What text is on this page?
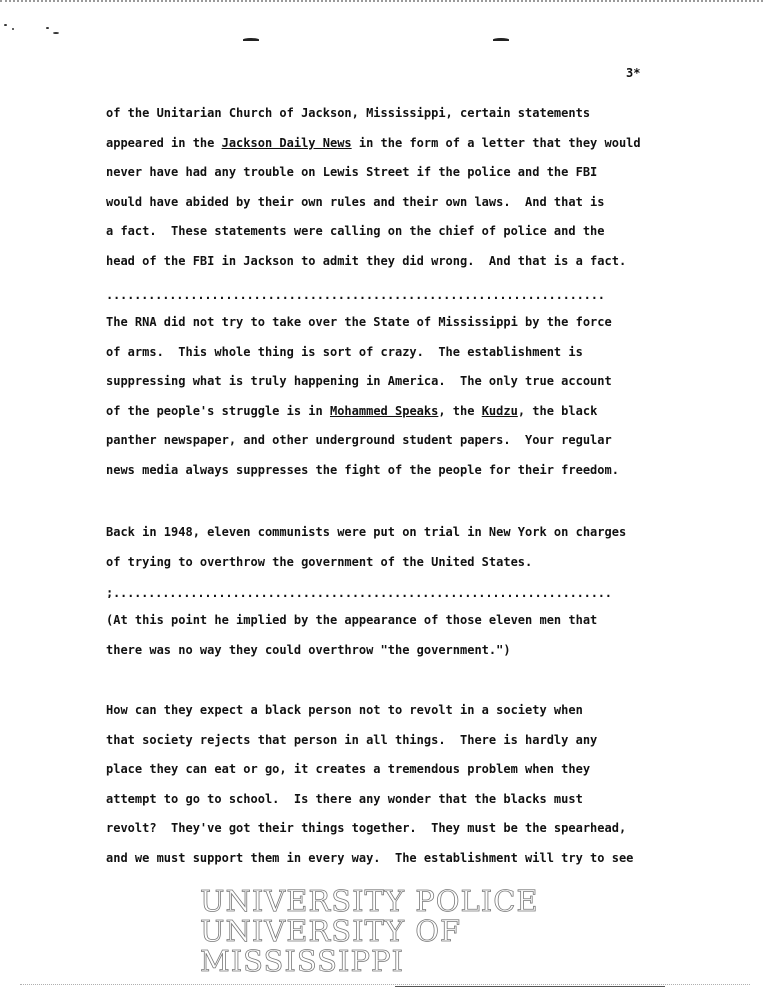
3*
of the Unitarian Church of Jackson, Mississippi, certain statements
appeared in the Jackson Daily News in the form of a letter that they would
never have had any trouble on Lewis Street if the police and the FBI
would have abided by their own rules and their own laws.  And that is
a fact.  These statements were calling on the chief of police and the
head of the FBI in Jackson to admit they did wrong.  And that is a fact.
.......................................................................
The RNA did not try to take over the State of Mississippi by the force
of arms.  This whole thing is sort of crazy.  The establishment is
suppressing what is truly happening in America.  The only true account
of the people's struggle is in Mohammed Speaks, the Kudzu, the black
panther newspaper, and other underground student papers.  Your regular
news media always suppresses the fight of the people for their freedom.
Back in 1948, eleven communists were put on trial in New York on charges
of trying to overthrow the government of the United States.
;.......................................................................
(At this point he implied by the appearance of those eleven men that
there was no way they could overthrow "the government.")
How can they expect a black person not to revolt in a society when
that society rejects that person in all things.  There is hardly any
place they can eat or go, it creates a tremendous problem when they
attempt to go to school.  Is there any wonder that the blacks must
revolt?  They've got their things together.  They must be the spearhead,
and we must support them in every way.  The establishment will try to see
UNIVERSITY POLICE
UNIVERSITY OF MISSISSIPPI
